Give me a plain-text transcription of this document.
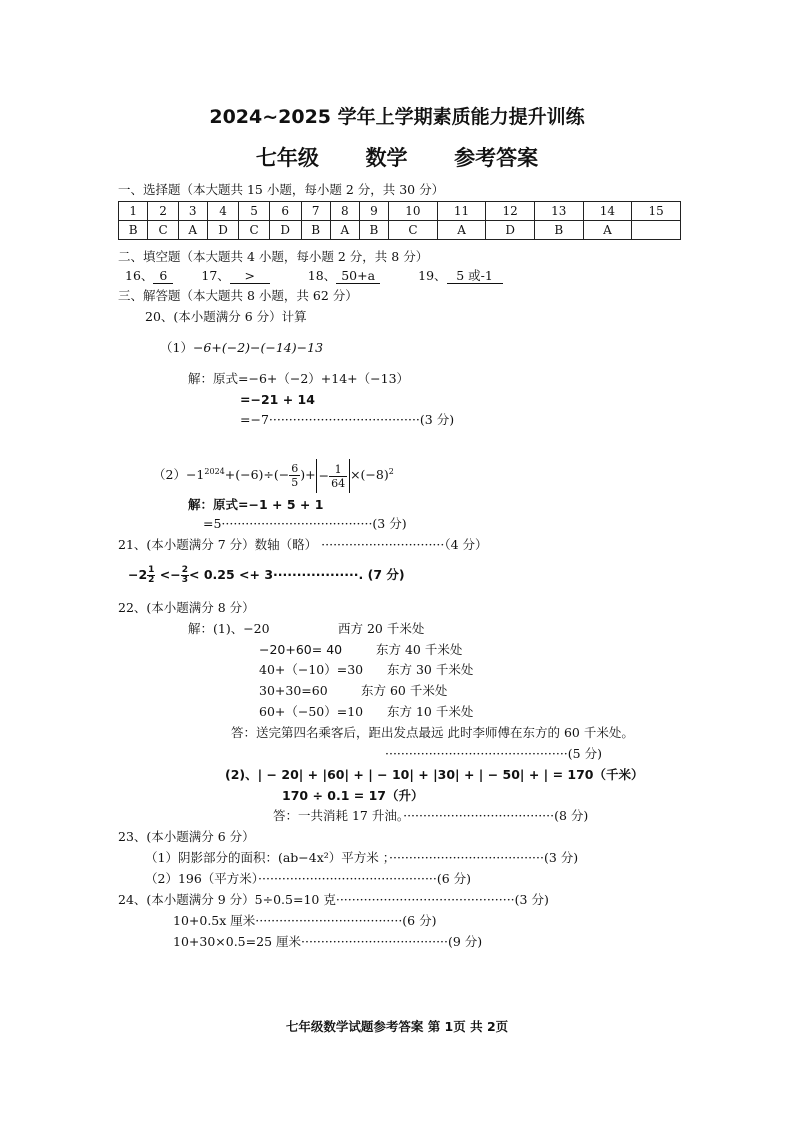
2024~2025 学年上学期素质能力提升训练
七年级 数学 参考答案
一、选择题（本大题共 15 小题，每小题 2 分，共 30 分）
1	2	3	4	5	6	7	8	9	10	11	12	13	14	15
B	C	A	D	C	D	B	A	B	C	A	D	B	A	
二、填空题（本大题共 4 小题，每小题 2 分，共 8 分）
16、 6	17、 >	18、 50+a	19、 5 或-1
三、解答题（本大题共 8 小题，共 62 分）
20、(本小题满分 6 分）计算
（1）−6+(−2)−(−14)−13
解：原式=−6+（−2）+14+（−13）
=−21 + 14
=−7······································(3 分)
$(2)-1^{2024}+(-6)\div(- \frac{6}{5}$ )+ − $\frac{1}{64} \times(-8)^2$
解：原式=−1 + 5 + 1
=5······································(3 分)
21、(本小题满分 7 分）数轴（略） ·······························（4 分）
$-2 \frac{1}{2} <- \frac{2}{3} < 0.25 <+ 3\cdot\cdot\cdot\cdot\cdot\cdot\cdot\cdot\cdot\cdot\cdot\cdot\cdot\cdot\cdot\cdot\cdot\cdot$. (7 分)
22、(本小题满分 8 分）
解：(1)、−20	西方 20 千米处
−20+60= 40	东方 40 千米处
40+（−10）=30 东方 30 千米处
30+30=60	东方 60 千米处
60+（−50）=10 东方 10 千米处
答：送完第四名乘客后，距出发点最远 此时李师傅在东方的 60 千米处。
··············································(5 分)
(2)、| − 20| + |60| + | − 10| + |30| + | − 50| + | = 170（千米）
170 ÷ 0.1 = 17（升）
答：一共消耗 17 升油。······································(8 分)
23、(本小题满分 6 分）
（1）阴影部分的面积：(ab−4x²）平方米 ；·······································(3 分)
（2）196（平方米）·············································(6 分)
24、(本小题满分 9 分）5÷0.5=10 克·············································(3 分)
10+0.5x 厘米·····································(6 分)
10+30×0.5=25 厘米·····································(9 分)
七年级数学试题参考答案 第 1页 共 2页
